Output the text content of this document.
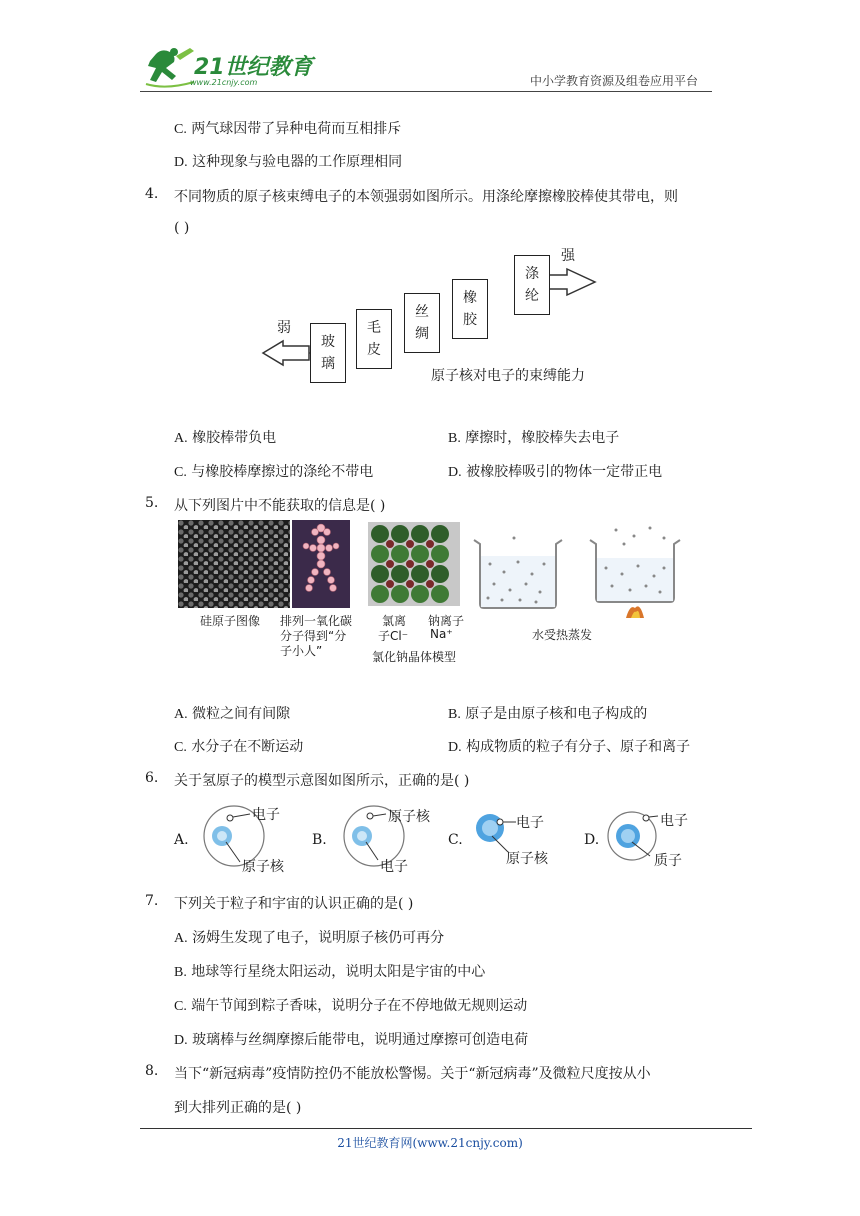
21世纪教育
www.21cnjy.com	中小学教育资源及组卷应用平台
C. 两气球因带了异种电荷而互相排斥
D. 这种现象与验电器的工作原理相同
4. 不同物质的原子核束缚电子的本领强弱如图所示。用涤纶摩擦橡胶棒使其带电，则
( )
弱
强
玻
璃
毛
皮
丝
绸
橡
胶
涤
纶
原子核对电子的束缚能力
A. 橡胶棒带负电	B. 摩擦时，橡胶棒失去电子
C. 与橡胶棒摩擦过的涤纶不带电	D. 被橡胶棒吸引的物体一定带正电
5. 从下列图片中不能获取的信息是( )
硅原子图像 排列一氧化碳
分子得到“分
子小人”
氯离
子Cl⁻
钠离子
Na⁺
氯化钠晶体模型
水受热蒸发
A. 微粒之间有间隙	B. 原子是由原子核和电子构成的
C. 水分子在不断运动	D. 构成物质的粒子有分子、原子和离子
6. 关于氢原子的模型示意图如图所示，正确的是( )
A.
电子
原子核
B.
原子核
电子
C.
电子
原子核
D.
电子
质子
7. 下列关于粒子和宇宙的认识正确的是( )
A. 汤姆生发现了电子，说明原子核仍可再分
B. 地球等行星绕太阳运动，说明太阳是宇宙的中心
C. 端午节闻到粽子香味，说明分子在不停地做无规则运动
D. 玻璃棒与丝绸摩擦后能带电，说明通过摩擦可创造电荷
8. 当下“新冠病毒”疫情防控仍不能放松警惕。关于“新冠病毒”及微粒尺度按从小
到大排列正确的是( )
21世纪教育网(www.21cnjy.com)
